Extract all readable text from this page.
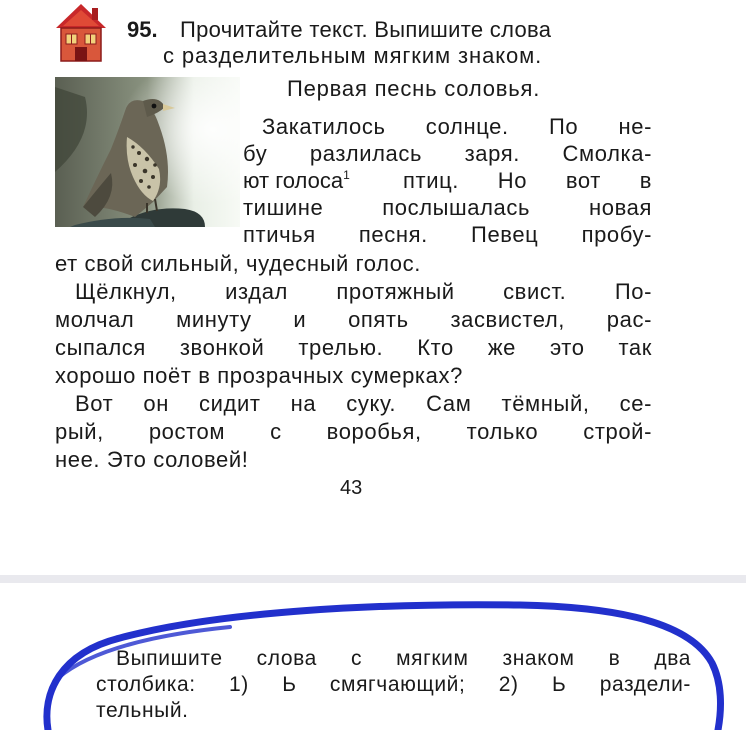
95. Прочитайте текст. Выпишите слова
с разделительным мягким знаком.
Первая песнь соловья.
Закатилось солнце. По не-
бу разлилась заря. Смолка-
ют голоса$^1$ птиц. Но вот в
тишине послышалась новая
птичья песня. Певец пробу-
ет свой сильный, чудесный голос.
Щёлкнул, издал протяжный свист. По-
молчал минуту и опять засвистел, рас-
сыпался звонкой трелью. Кто же это так
хорошо поёт в прозрачных сумерках?
Вот он сидит на суку. Сам тёмный, се-
рый, ростом с воробья, только строй-
нее. Это соловей!
43
Выпишите слова с мягким знаком в два
столбика: 1) Ь смягчающий; 2) Ь раздели-
тельный.
